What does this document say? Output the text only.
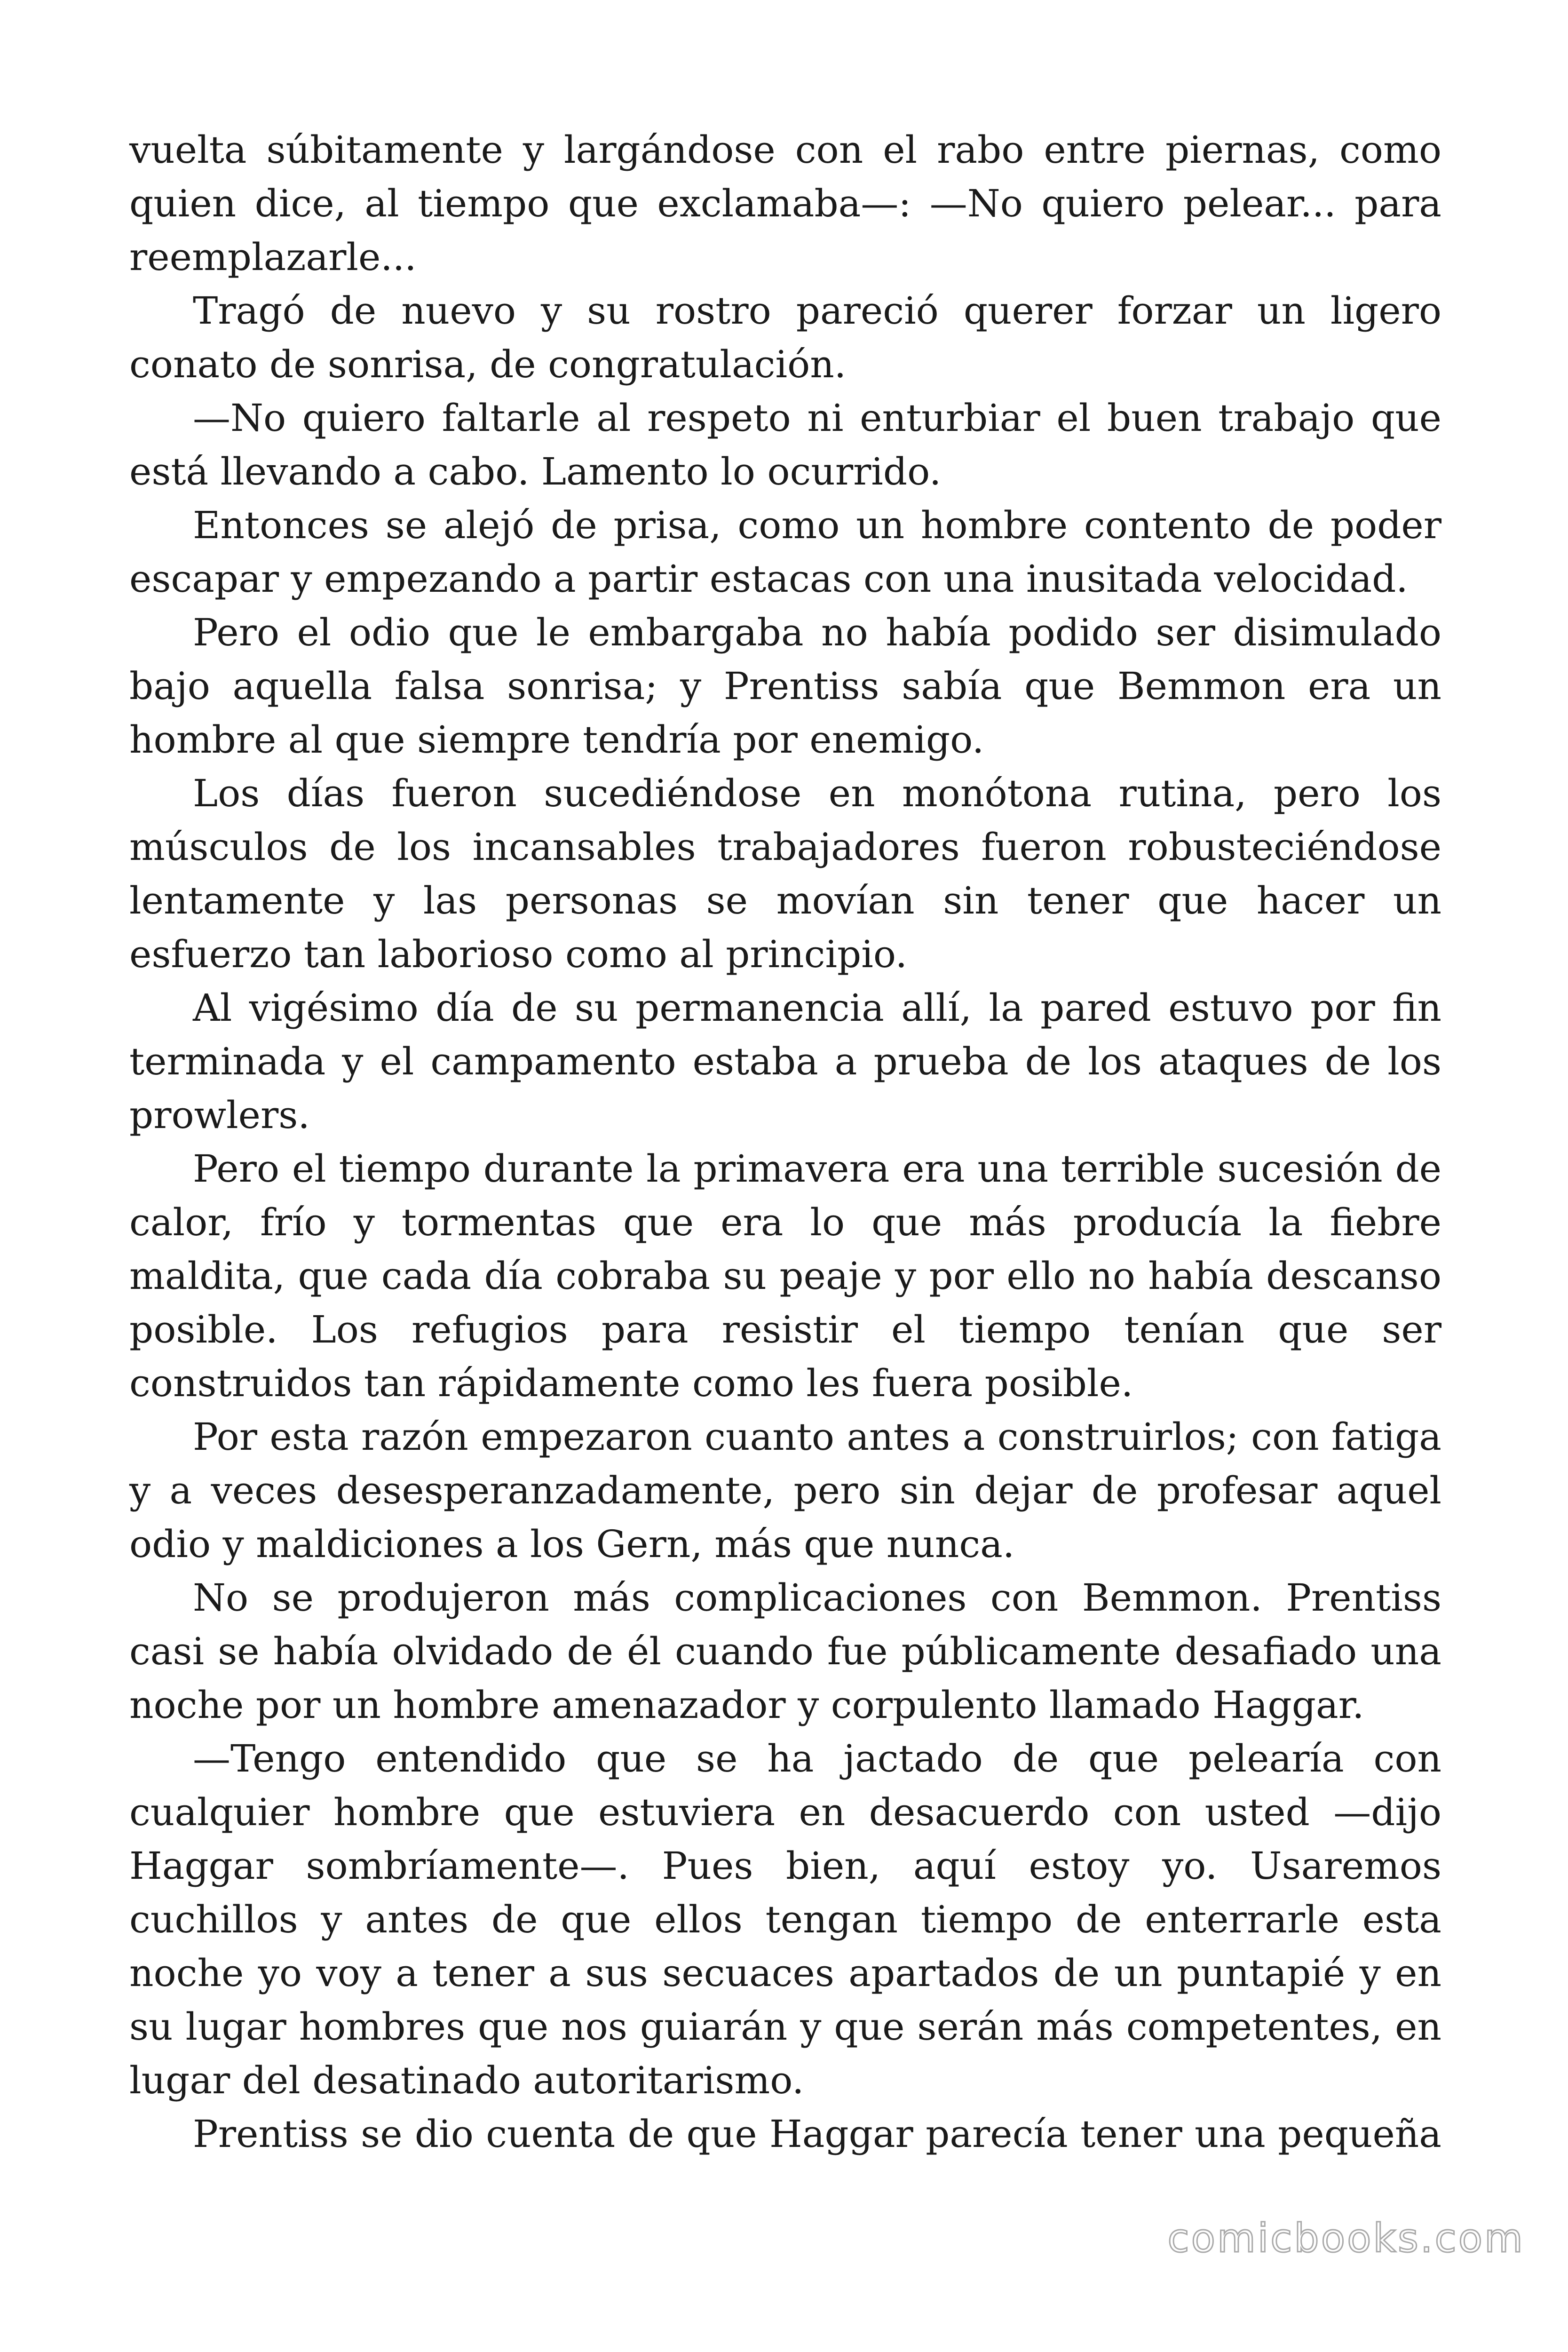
vuelta súbitamente y largándose con el rabo entre piernas, como quien dice, al tiempo que exclamaba—: —No quiero pelear... para reemplazarle...

Tragó de nuevo y su rostro pareció querer forzar un ligero conato de sonrisa, de congratulación.

—No quiero faltarle al respeto ni enturbiar el buen trabajo que está llevando a cabo. Lamento lo ocurrido.

Entonces se alejó de prisa, como un hombre contento de poder escapar y empezando a partir estacas con una inusitada velocidad.

Pero el odio que le embargaba no había podido ser disimulado bajo aquella falsa sonrisa; y Prentiss sabía que Bemmon era un hombre al que siempre tendría por enemigo.

Los días fueron sucediéndose en monótona rutina, pero los músculos de los incansables trabajadores fueron robusteciéndose lentamente y las personas se movían sin tener que hacer un esfuerzo tan laborioso como al principio.

Al vigésimo día de su permanencia allí, la pared estuvo por fin terminada y el campamento estaba a prueba de los ataques de los prowlers.

Pero el tiempo durante la primavera era una terrible sucesión de calor, frío y tormentas que era lo que más producía la fiebre maldita, que cada día cobraba su peaje y por ello no había descanso posible. Los refugios para resistir el tiempo tenían que ser construidos tan rápidamente como les fuera posible.

Por esta razón empezaron cuanto antes a construirlos; con fatiga y a veces desesperanzadamente, pero sin dejar de profesar aquel odio y maldiciones a los Gern, más que nunca.

No se produjeron más complicaciones con Bemmon. Prentiss casi se había olvidado de él cuando fue públicamente desafiado una noche por un hombre amenazador y corpulento llamado Haggar.

—Tengo entendido que se ha jactado de que pelearía con cualquier hombre que estuviera en desacuerdo con usted —dijo Haggar sombríamente—. Pues bien, aquí estoy yo. Usaremos cuchillos y antes de que ellos tengan tiempo de enterrarle esta noche yo voy a tener a sus secuaces apartados de un puntapié y en su lugar hombres que nos guiarán y que serán más competentes, en lugar del desatinado autoritarismo.

Prentiss se dio cuenta de que Haggar parecía tener una pequeña

comicbooks.com
